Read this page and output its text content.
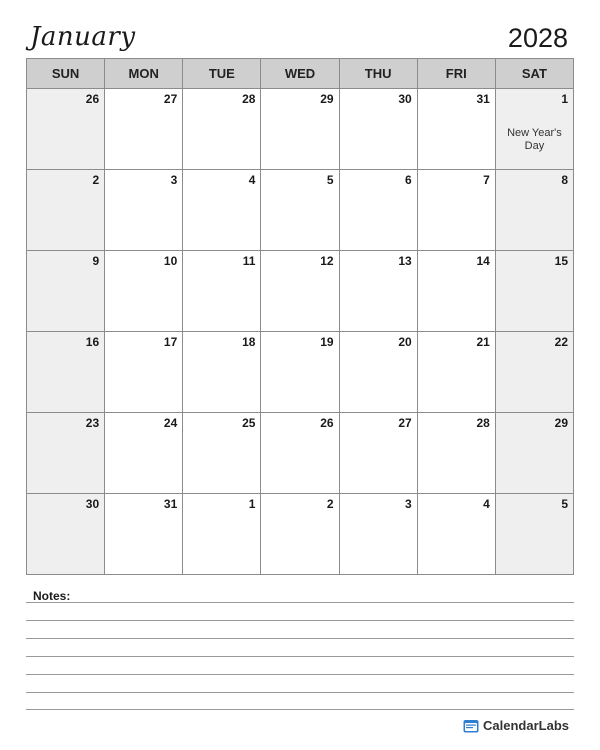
January	2028
SUN	MON	TUE	WED	THU	FRI	SAT

26	27	28	29	30	31	1
New Year's Day

2	3	4	5	6	7	8

9	10	11	12	13	14	15

16	17	18	19	20	21	22

23	24	25	26	27	28	29

30	31	1	2	3	4	5
Notes:
CalendarLabs
